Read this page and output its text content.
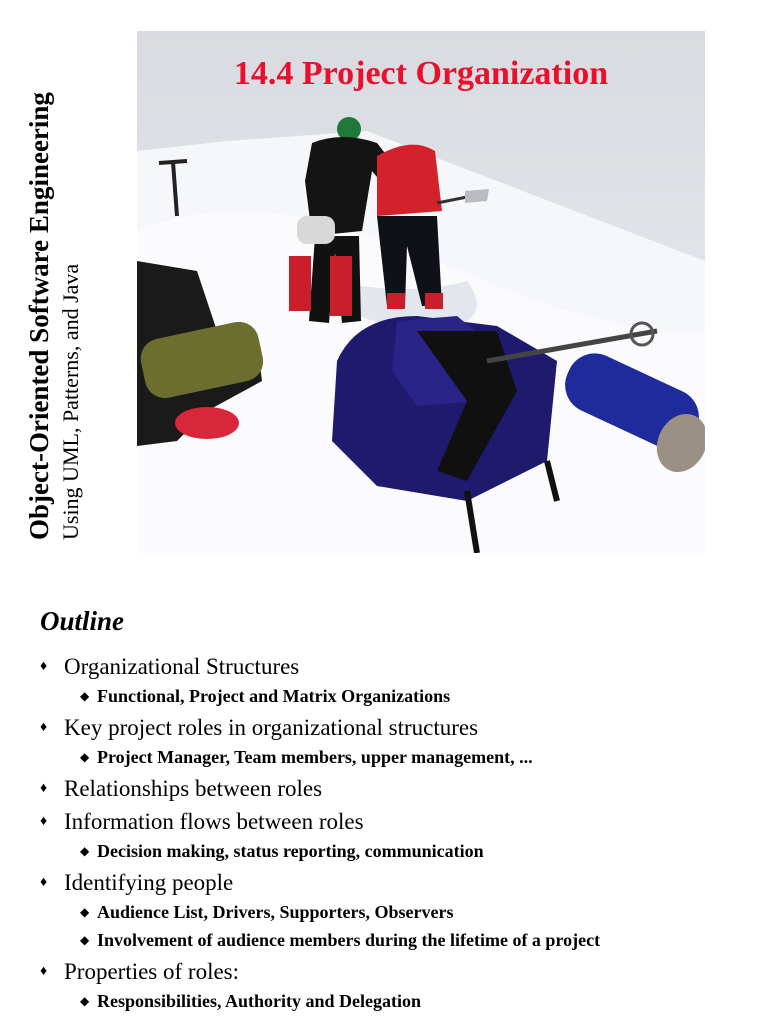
Object-Oriented Software Engineering Using UML, Patterns, and Java
14.4 Project Organization
Outline
♦ Organizational Structures
◆ Functional, Project and Matrix Organizations
♦ Key project roles in organizational structures
◆ Project Manager, Team members, upper management, ...
♦ Relationships between roles
♦ Information flows between roles
◆ Decision making, status reporting, communication
♦ Identifying people
◆ Audience List, Drivers, Supporters, Observers
◆ Involvement of audience members during the lifetime of a project
♦ Properties of roles:
◆ Responsibilities, Authority and Delegation
